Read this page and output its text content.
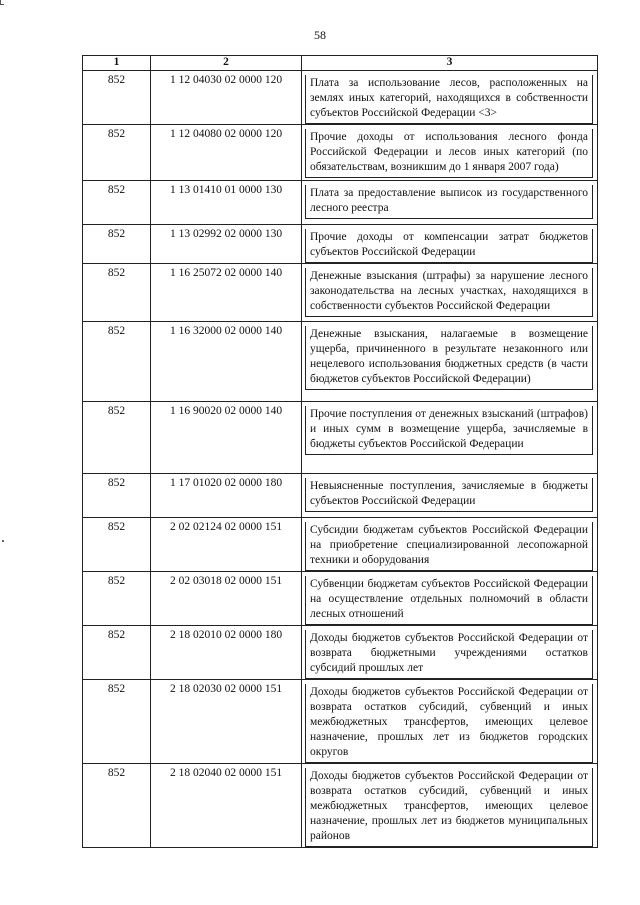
58
1	2	3
852	1 12 04030 02 0000 120	Плата за использование лесов, расположенных на землях иных категорий, находящихся в собственности субъектов Российской Федерации <3>

852	1 12 04080 02 0000 120	Прочие доходы от использования лесного фонда Российской Федерации и лесов иных категорий (по обязательствам, возникшим до 1 января 2007 года)

852	1 13 01410 01 0000 130	Плата за предоставление выписок из государственного лесного реестра

852	1 13 02992 02 0000 130	Прочие доходы от компенсации затрат бюджетов субъектов Российской Федерации

852	1 16 25072 02 0000 140	Денежные взыскания (штрафы) за нарушение лесного законодательства на лесных участках, находящихся в собственности субъектов Российской Федерации

852	1 16 32000 02 0000 140	Денежные взыскания, налагаемые в возмещение ущерба, причиненного в результате незаконного или нецелевого использования бюджетных средств (в части бюджетов субъектов Российской Федерации)

852	1 16 90020 02 0000 140	Прочие поступления от денежных взысканий (штрафов) и иных сумм в возмещение ущерба, зачисляемые в бюджеты субъектов Российской Федерации

852	1 17 01020 02 0000 180	Невыясненные поступления, зачисляемые в бюджеты субъектов Российской Федерации

852	2 02 02124 02 0000 151	Субсидии бюджетам субъектов Российской Федерации на приобретение специализированной лесопожарной техники и оборудования

852	2 02 03018 02 0000 151	Субвенции бюджетам субъектов Российской Федерации на осуществление отдельных полномочий в области лесных отношений

852	2 18 02010 02 0000 180	Доходы бюджетов субъектов Российской Федерации от возврата бюджетными учреждениями остатков субсидий прошлых лет

852	2 18 02030 02 0000 151	Доходы бюджетов субъектов Российской Федерации от возврата остатков субсидий, субвенций и иных межбюджетных трансфертов, имеющих целевое назначение, прошлых лет из бюджетов городских округов

852	2 18 02040 02 0000 151	Доходы бюджетов субъектов Российской Федерации от возврата остатков субсидий, субвенций и иных межбюджетных трансфертов, имеющих целевое назначение, прошлых лет из бюджетов муниципальных районов
